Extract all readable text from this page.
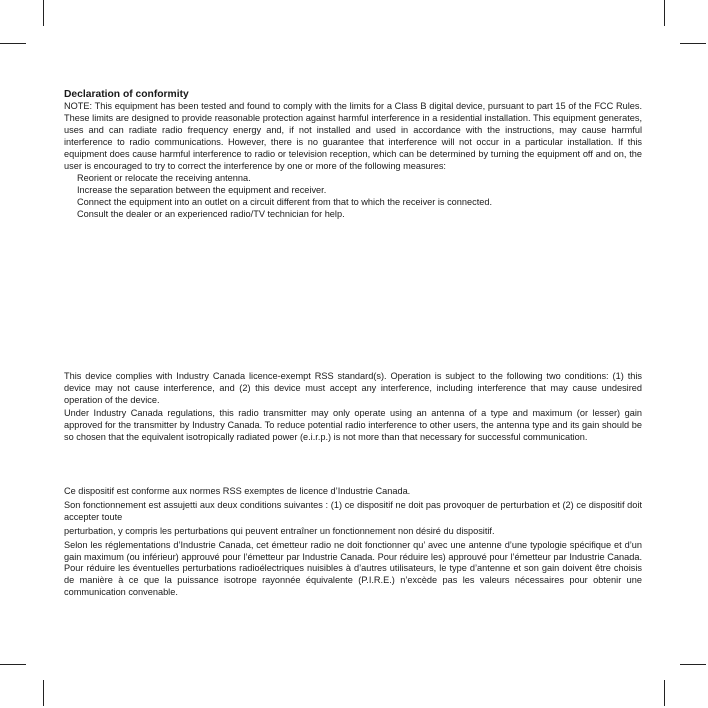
Declaration of conformity

NOTE: This equipment has been tested and found to comply with the limits for a Class B digital device, pursuant to part 15 of the FCC Rules. These limits are designed to provide reasonable protection against harmful interference in a residential installation. This equipment generates, uses and can radiate radio frequency energy and, if not installed and used in accordance with the instructions, may cause harmful interference to radio communications. However, there is no guarantee that interference will not occur in a particular installation. If this equipment does cause harmful interference to radio or television reception, which can be determined by turning the equipment off and on, the user is encouraged to try to correct the interference by one or more of the following measures:

Reorient or relocate the receiving antenna.
Increase the separation between the equipment and receiver.
Connect the equipment into an outlet on a circuit different from that to which the receiver is connected.
Consult the dealer or an experienced radio/TV technician for help.

This device complies with Industry Canada licence-exempt RSS standard(s). Operation is subject to the following two conditions: (1) this device may not cause interference, and (2) this device must accept any interference, including interference that may cause undesired operation of the device.

Under Industry Canada regulations, this radio transmitter may only operate using an antenna of a type and maximum (or lesser) gain approved for the transmitter by Industry Canada. To reduce potential radio interference to other users, the antenna type and its gain should be so chosen that the equivalent isotropically radiated power (e.i.r.p.) is not more than that necessary for successful communication.

Ce dispositif est conforme aux normes RSS exemptes de licence d’Industrie Canada.

Son fonctionnement est assujetti aux deux conditions suivantes : (1) ce dispositif ne doit pas provoquer de perturbation et (2) ce dispositif doit accepter toute

perturbation, y compris les perturbations qui peuvent entraîner un fonctionnement non désiré du dispositif.

Selon les réglementations d’Industrie Canada, cet émetteur radio ne doit fonctionner qu’ avec une antenne d’une typologie spécifique et d’un gain maximum (ou inférieur) approuvé pour l’émetteur par Industrie Canada. Pour réduire les) approuvé pour l’émetteur par Industrie Canada. Pour réduire les éventuelles perturbations radioélectriques nuisibles à d’autres utilisateurs, le type d’antenne et son gain doivent être choisis de manière à ce que la puissance isotrope rayonnée équivalente (P.I.R.E.) n’excède pas les valeurs nécessaires pour obtenir une communication convenable.
